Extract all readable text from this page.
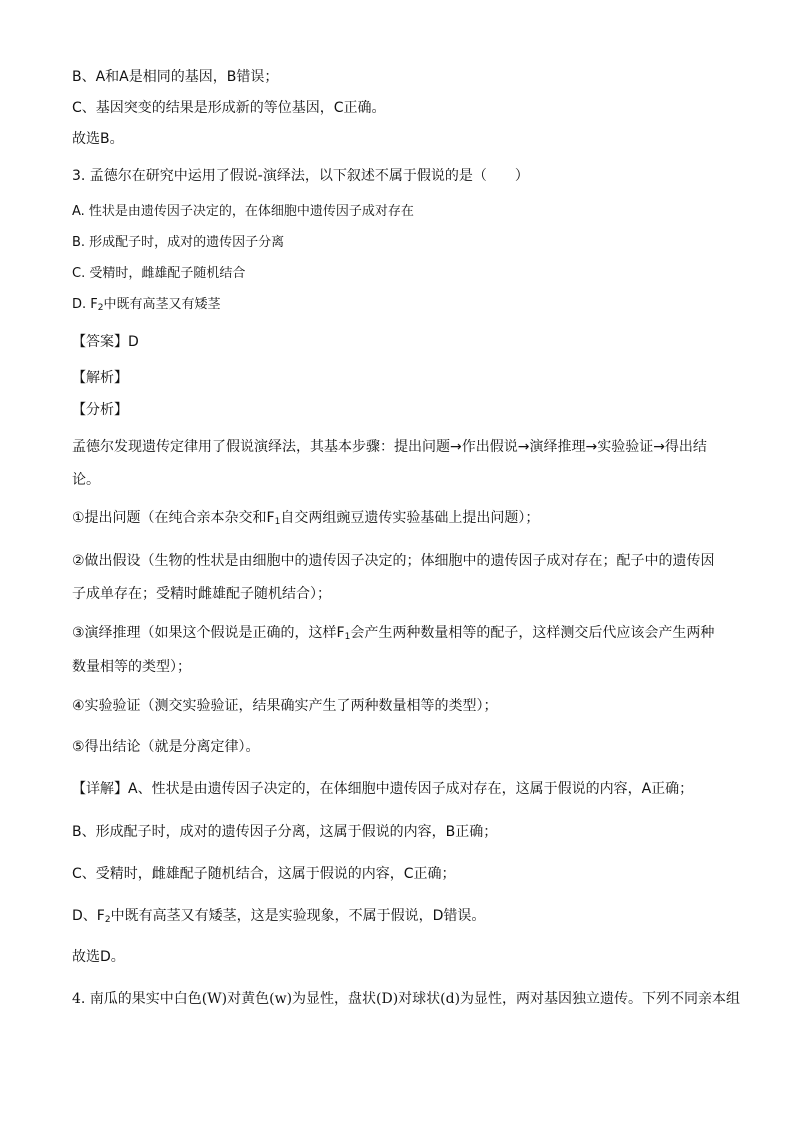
B、A和A是相同的基因，B错误；
C、基因突变的结果是形成新的等位基因，C正确。
故选B。
3. 孟德尔在研究中运用了假说-演绎法，以下叙述不属于假说的是（　　）
A. 性状是由遗传因子决定的，在体细胞中遗传因子成对存在
B. 形成配子时，成对的遗传因子分离
C. 受精时，雌雄配子随机结合
D. $F_2$中既有高茎又有矮茎
【答案】D
【解析】
【分析】
孟德尔发现遗传定律用了假说演绎法，其基本步骤：提出问题→作出假说→演绎推理→实验验证→得出结
论。
①提出问题（在纯合亲本杂交和$F_1$自交两组豌豆遗传实验基础上提出问题）；
②做出假设（生物的性状是由细胞中的遗传因子决定的；体细胞中的遗传因子成对存在；配子中的遗传因
子成单存在；受精时雌雄配子随机结合）；
③演绎推理（如果这个假说是正确的，这样$F_1$会产生两种数量相等的配子，这样测交后代应该会产生两种
数量相等的类型）；
④实验验证（测交实验验证，结果确实产生了两种数量相等的类型）；
⑤得出结论（就是分离定律）。
【详解】A、性状是由遗传因子决定的，在体细胞中遗传因子成对存在，这属于假说的内容，A正确；
B、形成配子时，成对的遗传因子分离，这属于假说的内容，B正确；
C、受精时，雌雄配子随机结合，这属于假说的内容，C正确；
D、$F_2$中既有高茎又有矮茎，这是实验现象，不属于假说，D错误。
故选D。
4. 南瓜的果实中白色(W)对黄色(w)为显性，盘状(D)对球状(d)为显性，两对基因独立遗传。下列不同亲本组
